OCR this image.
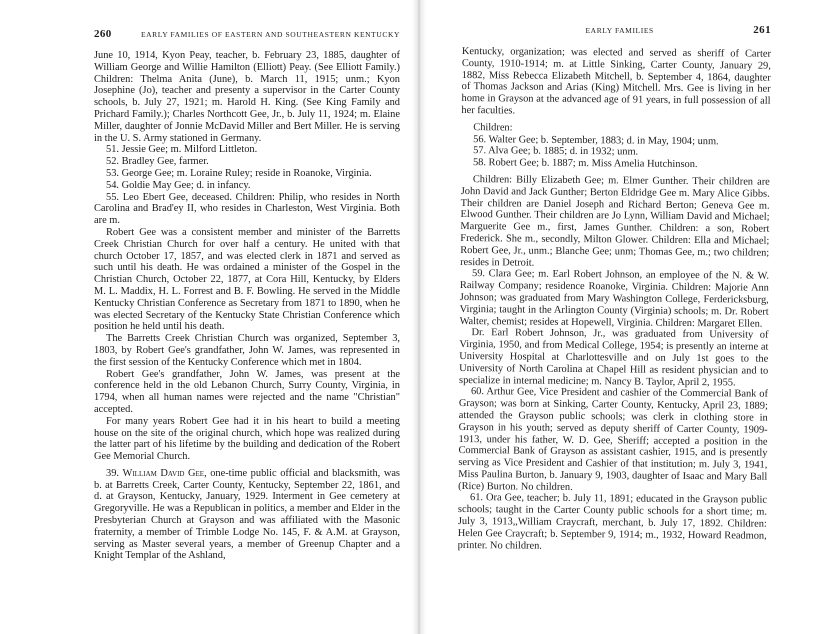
260	EARLY FAMILIES OF EASTERN AND SOUTHEASTERN KENTUCKY

June 10, 1914, Kyon Peay, teacher, b. February 23, 1885, daughter of William George and Willie Hamilton (Elliott) Peay. (See Elliott Family.) Children: Thelma Anita (June), b. March 11, 1915; unm.; Kyon Josephine (Jo), teacher and presenty a supervisor in the Carter County schools, b. July 27, 1921; m. Harold H. King. (See King Family and Prichard Family.); Charles Northcott Gee, Jr., b. July 11, 1924; m. Elaine Miller, daughter of Jonnie McDavid Miller and Bert Miller. He is serving in the U. S. Army stationed in Germany.

51. Jessie Gee; m. Milford Littleton.

52. Bradley Gee, farmer.

53. George Gee; m. Loraine Ruley; reside in Roanoke, Virginia.

54. Goldie May Gee; d. in infancy.

55. Leo Ebert Gee, deceased. Children: Philip, who resides in North Carolina and Brad'ey II, who resides in Charleston, West Virginia. Both are m.

Robert Gee was a consistent member and minister of the Barretts Creek Christian Church for over half a century. He united with that church October 17, 1857, and was elected clerk in 1871 and served as such until his death. He was ordained a minister of the Gospel in the Christian Church, October 22, 1877, at Cora Hill, Kentucky, by Elders M. L. Maddix, H. L. Forrest and B. F. Bowling. He served in the Middle Kentucky Christian Conference as Secretary from 1871 to 1890, when he was elected Secretary of the Kentucky State Christian Conference which position he held until his death.

The Barretts Creek Christian Church was organized, September 3, 1803, by Robert Gee's grandfather, John W. James, was represented in the first session of the Kentucky Conference which met in 1804.

Robert Gee's grandfather, John W. James, was present at the conference held in the old Lebanon Church, Surry County, Virginia, in 1794, when all human names were rejected and the name "Christian" accepted.

For many years Robert Gee had it in his heart to build a meeting house on the site of the original church, which hope was realized during the latter part of his lifetime by the building and dedication of the Robert Gee Memorial Church.

39. William David Gee, one-time public official and blacksmith, was b. at Barretts Creek, Carter County, Kentucky, September 22, 1861, and d. at Grayson, Kentucky, January, 1929. Interment in Gee cemetery at Gregoryville. He was a Republican in politics, a member and Elder in the Presbyterian Church at Grayson and was affiliated with the Masonic fraternity, a member of Trimble Lodge No. 145, F. & A.M. at Grayson, serving as Master several years, a member of Greenup Chapter and a Knight Templar of the Ashland,

EARLY FAMILIES	261

Kentucky, organization; was elected and served as sheriff of Carter County, 1910-1914; m. at Little Sinking, Carter County, January 29, 1882, Miss Rebecca Elizabeth Mitchell, b. September 4, 1864, daughter of Thomas Jackson and Arias (King) Mitchell. Mrs. Gee is living in her home in Grayson at the advanced age of 91 years, in full possession of all her faculties.

Children:

56. Walter Gee; b. September, 1883; d. in May, 1904; unm.

57. Alva Gee; b. 1885; d. in 1932; unm.

58. Robert Gee; b. 1887; m. Miss Amelia Hutchinson.

Children: Billy Elizabeth Gee; m. Elmer Gunther. Their children are John David and Jack Gunther; Berton Eldridge Gee m. Mary Alice Gibbs. Their children are Daniel Joseph and Richard Berton; Geneva Gee m. Elwood Gunther. Their children are Jo Lynn, William David and Michael; Marguerite Gee m., first, James Gunther. Children: a son, Robert Frederick. She m., secondly, Milton Glower. Children: Ella and Michael; Robert Gee, Jr., unm.; Blanche Gee; unm; Thomas Gee, m.; two children; resides in Detroit.

59. Clara Gee; m. Earl Robert Johnson, an employee of the N. & W. Railway Company; residence Roanoke, Virginia. Children: Majorie Ann Johnson; was graduated from Mary Washington College, Ferdericksburg, Virginia; taught in the Arlington County (Virginia) schools; m. Dr. Robert Walter, chemist; resides at Hopewell, Virginia. Children: Margaret Ellen.

Dr. Earl Robert Johnson, Jr., was graduated from University of Virginia, 1950, and from Medical College, 1954; is presently an interne at University Hospital at Charlottesville and on July 1st goes to the University of North Carolina at Chapel Hill as resident physician and to specialize in internal medicine; m. Nancy B. Taylor, April 2, 1955.

60. Arthur Gee, Vice President and cashier of the Commercial Bank of Grayson; was born at Sinking, Carter County, Kentucky, April 23, 1889; attended the Grayson public schools; was clerk in clothing store in Grayson in his youth; served as deputy sheriff of Carter County, 1909-1913, under his father, W. D. Gee, Sheriff; accepted a position in the Commercial Bank of Grayson as assistant cashier, 1915, and is presently serving as Vice President and Cashier of that institution; m. July 3, 1941, Miss Paulina Burton, b. January 9, 1903, daughter of Isaac and Mary Ball (Rice) Burton. No children.

61. Ora Gee, teacher; b. July 11, 1891; educated in the Grayson public schools; taught in the Carter County public schools for a short time; m. July 3, 1913,,William Craycraft, merchant, b. July 17, 1892. Children: Helen Gee Craycraft; b. September 9, 1914; m., 1932, Howard Readmon, printer. No children.
